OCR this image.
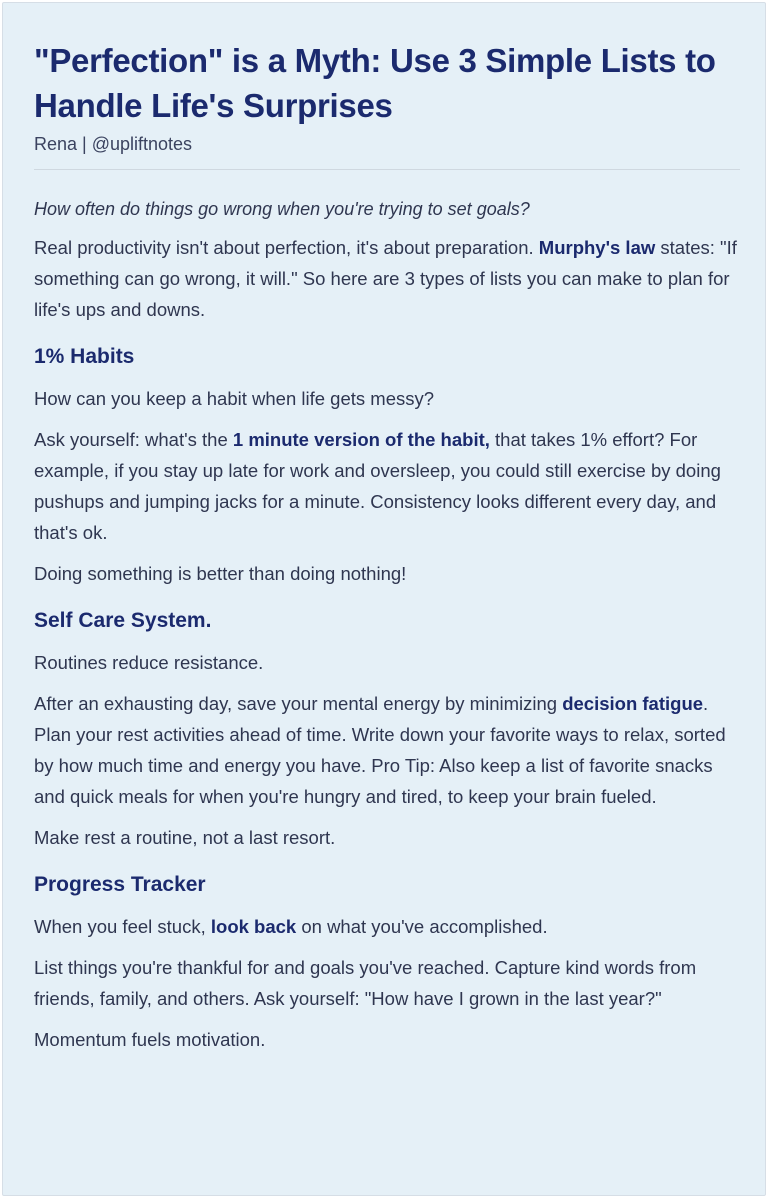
"Perfection" is a Myth: Use 3 Simple Lists to Handle Life's Surprises
Rena | @upliftnotes

How often do things go wrong when you're trying to set goals?

Real productivity isn't about perfection, it's about preparation. Murphy's law states: "If something can go wrong, it will." So here are 3 types of lists you can make to plan for life's ups and downs.

1% Habits

How can you keep a habit when life gets messy?

Ask yourself: what's the 1 minute version of the habit, that takes 1% effort? For example, if you stay up late for work and oversleep, you could still exercise by doing pushups and jumping jacks for a minute. Consistency looks different every day, and that's ok.

Doing something is better than doing nothing!

Self Care System.

Routines reduce resistance.

After an exhausting day, save your mental energy by minimizing decision fatigue. Plan your rest activities ahead of time. Write down your favorite ways to relax, sorted by how much time and energy you have. Pro Tip: Also keep a list of favorite snacks and quick meals for when you're hungry and tired, to keep your brain fueled.

Make rest a routine, not a last resort.

Progress Tracker

When you feel stuck, look back on what you've accomplished.

List things you're thankful for and goals you've reached. Capture kind words from friends, family, and others. Ask yourself: "How have I grown in the last year?"

Momentum fuels motivation.
